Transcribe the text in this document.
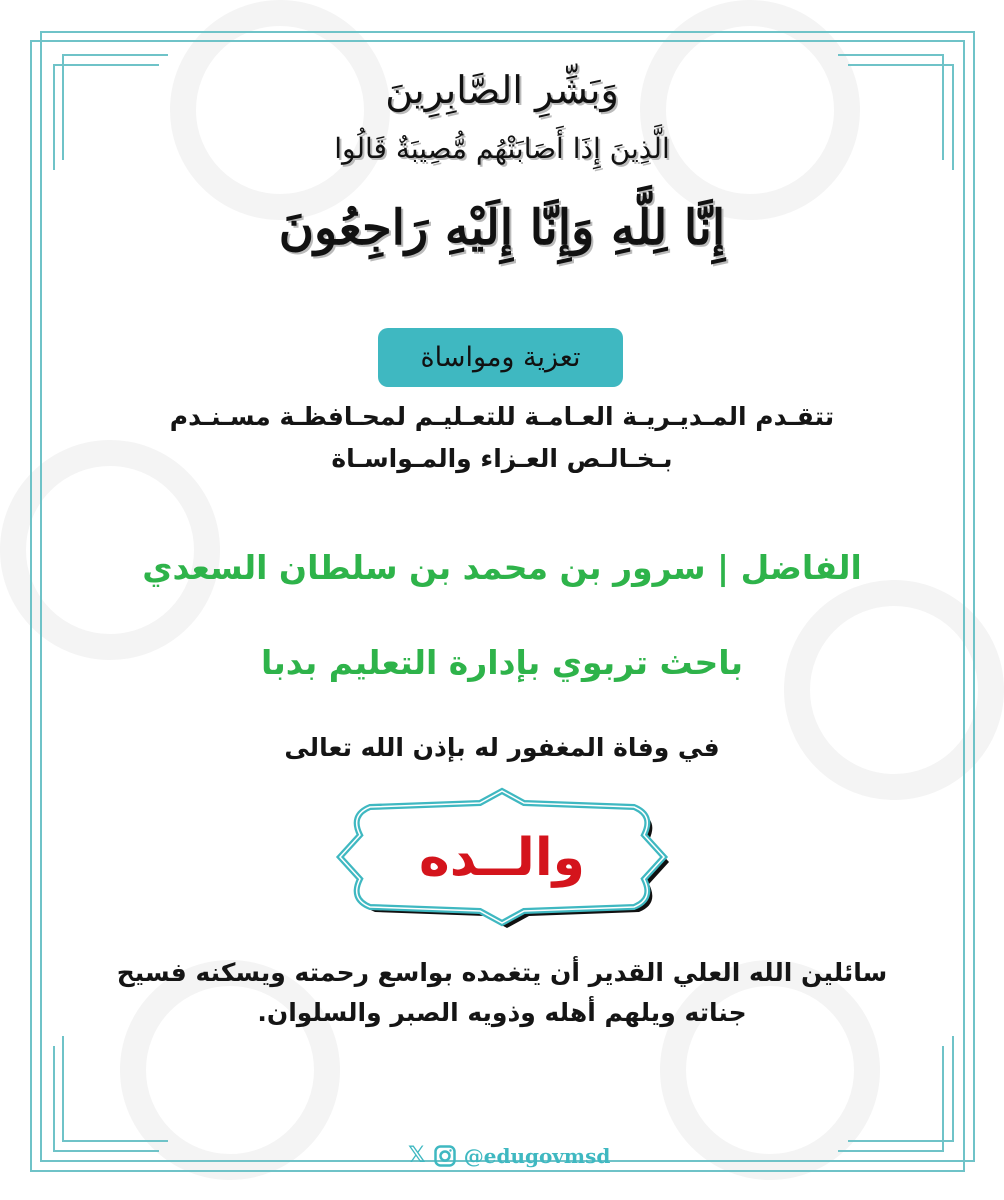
وَبَشِّرِ الصَّابِرِينَ
الَّذِينَ إِذَا أَصَابَتْهُم مُّصِيبَةٌ قَالُوا
إِنَّا لِلَّهِ وَإِنَّا إِلَيْهِ رَاجِعُونَ
تعزية ومواساة
تتقـدم المـديـريـة العـامـة للتعـليـم لمحـافظـة مسـنـدم
بـخـالـص العـزاء والمـواسـاة
الفاضل | سرور بن محمد بن سلطان السعدي
باحث تربوي بإدارة التعليم بدبا
في وفاة المغفور له بإذن الله تعالى
والــده
سائلين الله العلي القدير أن يتغمده بواسع رحمته ويسكنه فسيح
جناته ويلهم أهله وذويه الصبر والسلوان.
𝕏 @edugovmsd
